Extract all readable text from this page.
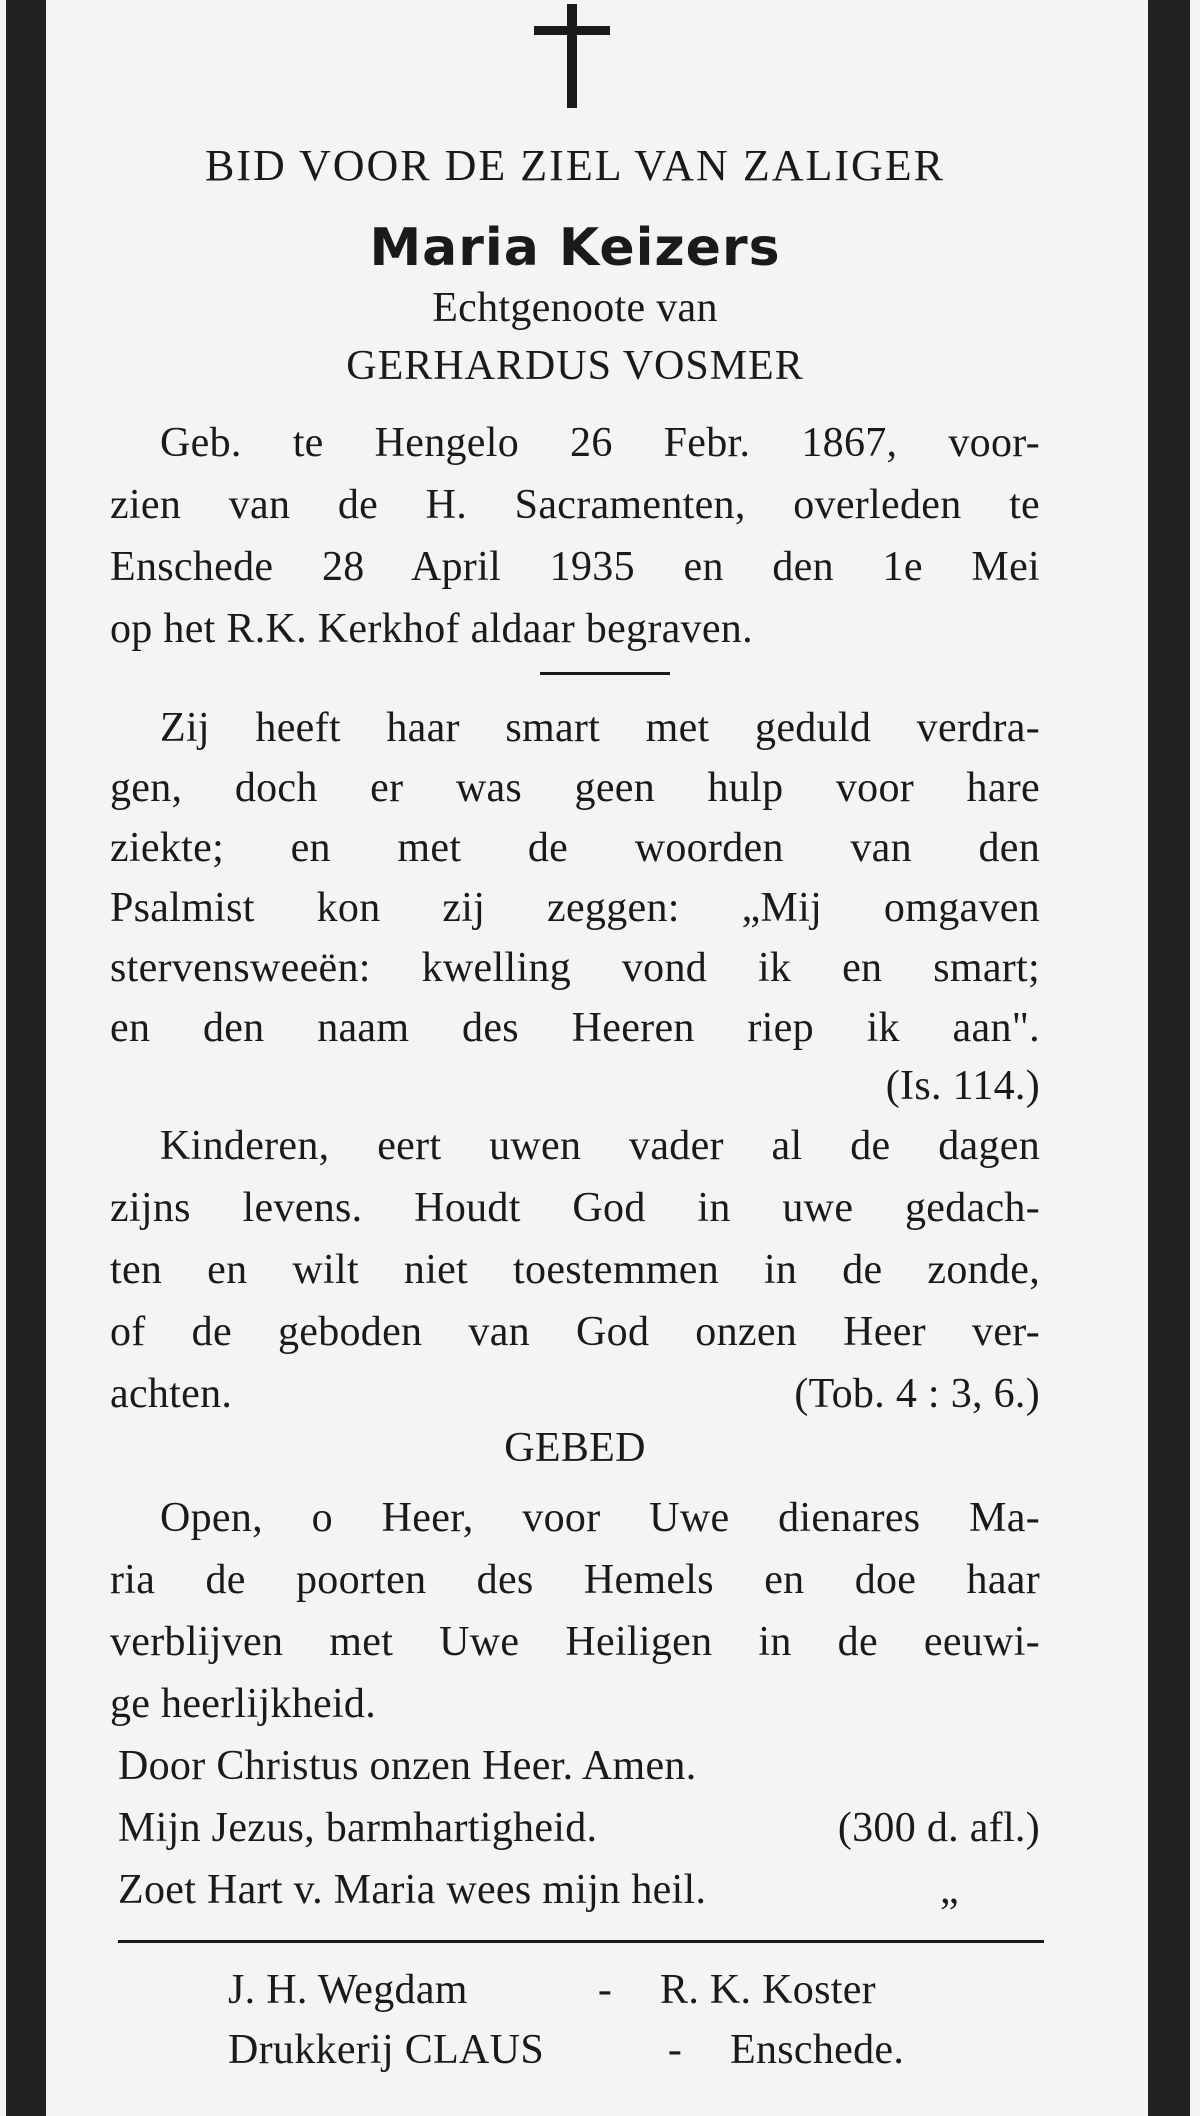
BID VOOR DE ZIEL VAN ZALIGER
Maria Keizers
Echtgenoote van
GERHARDUS VOSMER
Geb. te Hengelo 26 Febr. 1867, voor-
zien van de H. Sacramenten, overleden te
Enschede 28 April 1935 en den 1e Mei
op het R.K. Kerkhof aldaar begraven.
Zij heeft haar smart met geduld verdra-
gen, doch er was geen hulp voor hare
ziekte; en met de woorden van den
Psalmist kon zij zeggen: „Mij omgaven
stervensweeën: kwelling vond ik en smart;
en den naam des Heeren riep ik aan".
(Is. 114.)
Kinderen, eert uwen vader al de dagen
zijns levens. Houdt God in uwe gedach-
ten en wilt niet toestemmen in de zonde,
of de geboden van God onzen Heer ver-
achten.	(Tob. 4 : 3, 6.)
GEBED
Open, o Heer, voor Uwe dienares Ma-
ria de poorten des Hemels en doe haar
verblijven met Uwe Heiligen in de eeuwi-
ge heerlijkheid.
Door Christus onzen Heer. Amen.
Mijn Jezus, barmhartigheid.	(300 d. afl.)
Zoet Hart v. Maria wees mijn heil.	„
J. H. Wegdam	-	R. K. Koster
Drukkerij CLAUS	-	Enschede.
